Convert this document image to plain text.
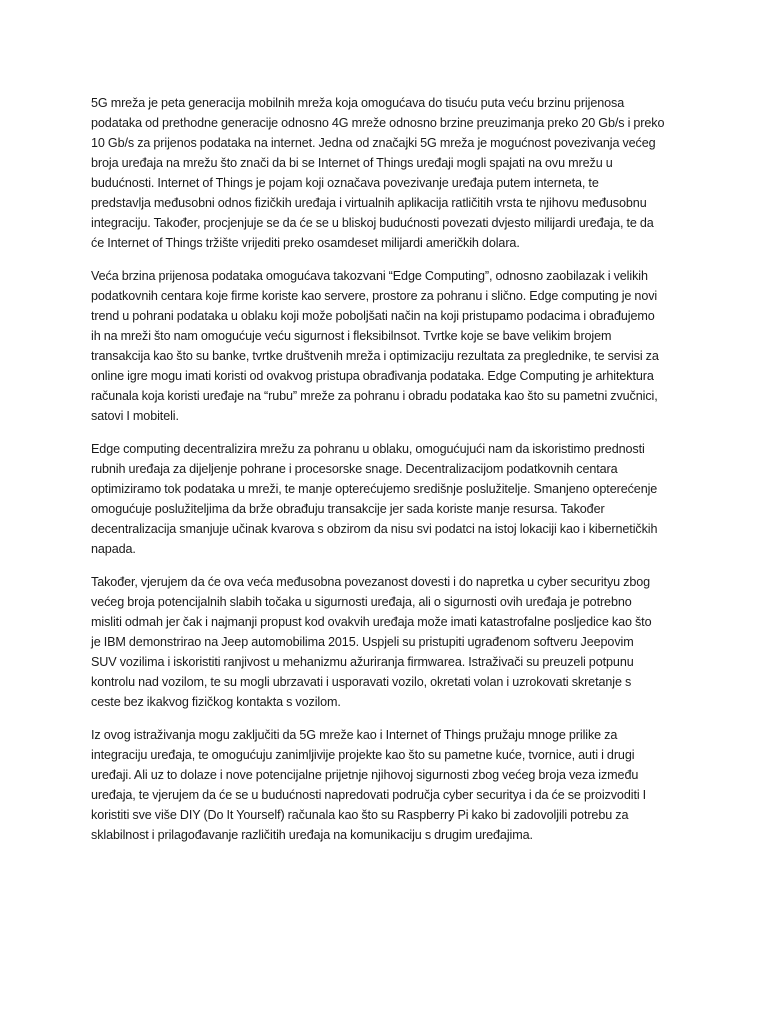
5G mreža je peta generacija mobilnih mreža koja omogućava do tisuću puta veću brzinu prijenosa
podataka od prethodne generacije odnosno 4G mreže odnosno brzine preuzimanja preko 20 Gb/s i preko
10 Gb/s za prijenos podataka na internet. Jedna od značajki 5G mreža je mogućnost povezivanja većeg
broja uređaja na mrežu što znači da bi se Internet of Things uređaji mogli spajati na ovu mrežu u
budućnosti. Internet of Things je pojam koji označava povezivanje uređaja putem interneta, te
predstavlja međusobni odnos fizičkih uređaja i virtualnih aplikacija ratličitih vrsta te njihovu međusobnu
integraciju. Također, procjenjuje se da će se u bliskoj budućnosti povezati dvjesto milijardi uređaja, te da
će Internet of Things tržište vrijediti preko osamdeset milijardi američkih dolara.

Veća brzina prijenosa podataka omogućava takozvani “Edge Computing”, odnosno zaobilazak i velikih
podatkovnih centara koje firme koriste kao servere, prostore za pohranu i slično. Edge computing je novi
trend u pohrani podataka u oblaku koji može poboljšati način na koji pristupamo podacima i obrađujemo
ih na mreži što nam omogućuje veću sigurnost i fleksibilnsot. Tvrtke koje se bave velikim brojem
transakcija kao što su banke, tvrtke društvenih mreža i optimizaciju rezultata za preglednike, te servisi za
online igre mogu imati koristi od ovakvog pristupa obrađivanja podataka. Edge Computing je arhitektura
računala koja koristi uređaje na “rubu” mreže za pohranu i obradu podataka kao što su pametni zvučnici,
satovi I mobiteli.

Edge computing decentralizira mrežu za pohranu u oblaku, omogućujući nam da iskoristimo prednosti
rubnih uređaja za dijeljenje pohrane i procesorske snage. Decentralizacijom podatkovnih centara
optimiziramo tok podataka u mreži, te manje opterećujemo središnje poslužitelje. Smanjeno opterećenje
omogućuje poslužiteljima da brže obrađuju transakcije jer sada koriste manje resursa. Također
decentralizacija smanjuje učinak kvarova s obzirom da nisu svi podatci na istoj lokaciji kao i kibernetičkih
napada.

Također, vjerujem da će ova veća međusobna povezanost dovesti i do napretka u cyber securityu zbog
većeg broja potencijalnih slabih točaka u sigurnosti uređaja, ali o sigurnosti ovih uređaja je potrebno
misliti odmah jer čak i najmanji propust kod ovakvih uređaja može imati katastrofalne posljedice kao što
je IBM demonstrirao na Jeep automobilima 2015. Uspjeli su pristupiti ugrađenom softveru Jeepovim
SUV vozilima i iskoristiti ranjivost u mehanizmu ažuriranja firmwarea. Istraživači su preuzeli potpunu
kontrolu nad vozilom, te su mogli ubrzavati i usporavati vozilo, okretati volan i uzrokovati skretanje s
ceste bez ikakvog fizičkog kontakta s vozilom.

Iz ovog istraživanja mogu zaključiti da 5G mreže kao i Internet of Things pružaju mnoge prilike za
integraciju uređaja, te omogućuju zanimljivije projekte kao što su pametne kuće, tvornice, auti i drugi
uređaji. Ali uz to dolaze i nove potencijalne prijetnje njihovoj sigurnosti zbog većeg broja veza između
uređaja, te vjerujem da će se u budućnosti napredovati područja cyber securitya i da će se proizvoditi I
koristiti sve više DIY (Do It Yourself) računala kao što su Raspberry Pi kako bi zadovoljili potrebu za
sklabilnost i prilagođavanje različitih uređaja na komunikaciju s drugim uređajima.
